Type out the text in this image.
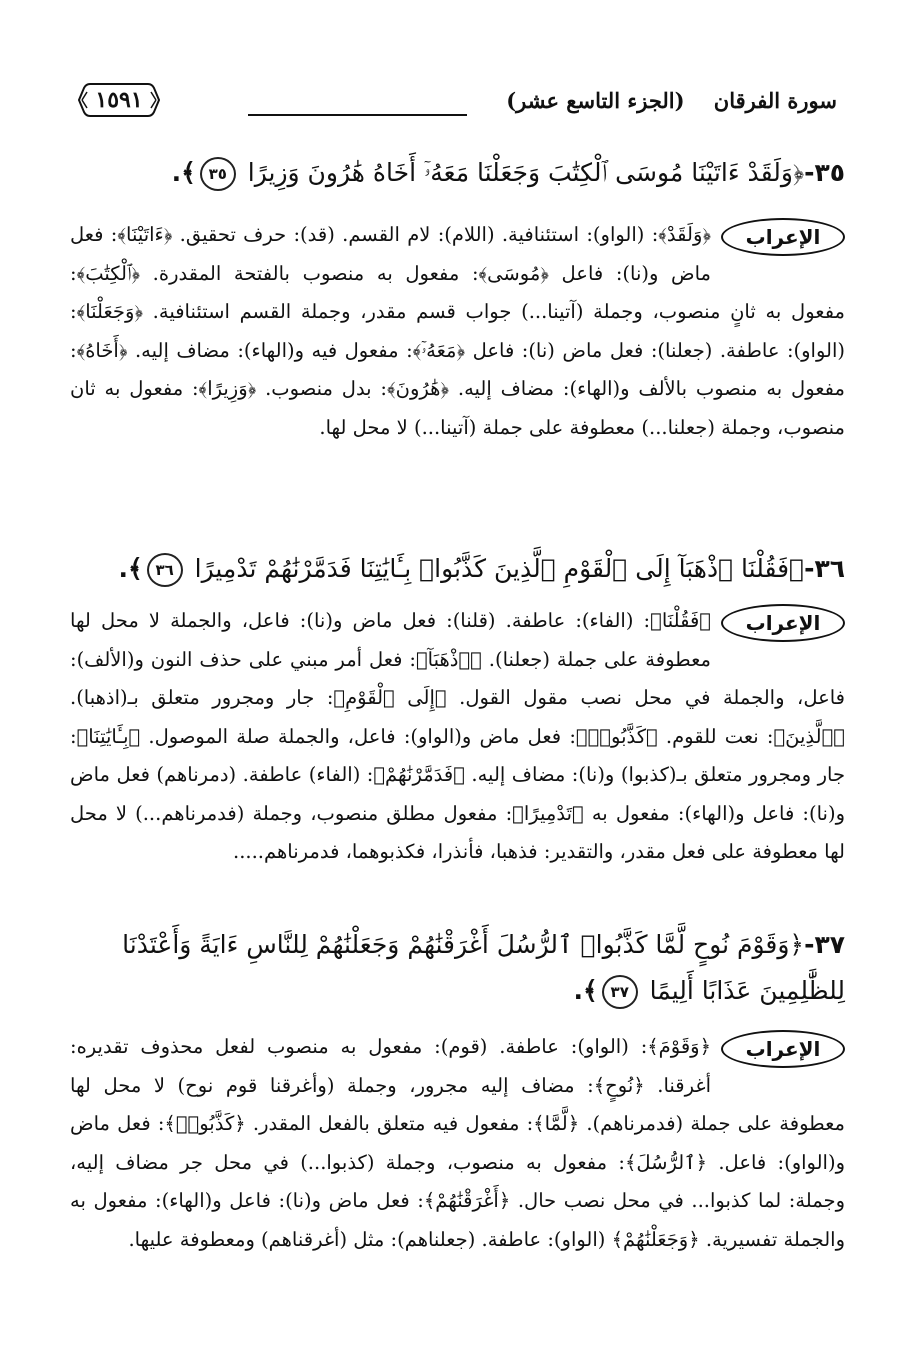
سورة الفرقان    (الجزء التاسع عشر)
١٥٩١
٣٥-﴿وَلَقَدْ ءَاتَيْنَا مُوسَى ٱلْكِتَٰبَ وَجَعَلْنَا مَعَهُۥٓ أَخَاهُ هَٰرُونَ وَزِيرًا ٣٥﴾.
الإعراب
﴿وَلَقَدْ﴾: (الواو): استئنافية. (اللام): لام القسم. (قد): حرف تحقيق. ﴿ءَاتَيْنَا﴾: فعل ماض و(نا): فاعل ﴿مُوسَى﴾: مفعول به منصوب بالفتحة المقدرة. ﴿ٱلْكِتَٰبَ﴾: مفعول به ثانٍ منصوب، وجملة (آتينا...) جواب قسم مقدر، وجملة القسم استئنافية. ﴿وَجَعَلْنَا﴾: (الواو): عاطفة. (جعلنا): فعل ماض (نا): فاعل ﴿مَعَهُۥٓ﴾: مفعول فيه و(الهاء): مضاف إليه. ﴿أَخَاهُ﴾: مفعول به منصوب بالألف و(الهاء): مضاف إليه. ﴿هَٰرُونَ﴾: بدل منصوب. ﴿وَزِيرًا﴾: مفعول به ثان منصوب، وجملة (جعلنا...) معطوفة على جملة (آتينا...) لا محل لها.
٣٦-﴿فَقُلْنَا ٱذْهَبَآ إِلَى ٱلْقَوْمِ ٱلَّذِينَ كَذَّبُوا۟ بِـَٔايَٰتِنَا فَدَمَّرْنَٰهُمْ تَدْمِيرًا ٣٦﴾.
الإعراب
﴿فَقُلْنَا﴾: (الفاء): عاطفة. (قلنا): فعل ماض و(نا): فاعل، والجملة لا محل لها معطوفة على جملة (جعلنا). ﴿ٱذْهَبَآ﴾: فعل أمر مبني على حذف النون و(الألف): فاعل، والجملة في محل نصب مقول القول. ﴿إِلَى ٱلْقَوْمِ﴾: جار ومجرور متعلق بـ(اذهبا). ﴿ٱلَّذِينَ﴾: نعت للقوم. ﴿كَذَّبُوا۟﴾: فعل ماض و(الواو): فاعل، والجملة صلة الموصول. ﴿بِـَٔايَٰتِنَا﴾: جار ومجرور متعلق بـ(كذبوا) و(نا): مضاف إليه. ﴿فَدَمَّرْنَٰهُمْ﴾: (الفاء) عاطفة. (دمرناهم) فعل ماض و(نا): فاعل و(الهاء): مفعول به ﴿تَدْمِيرًا﴾: مفعول مطلق منصوب، وجملة (فدمرناهم...) لا محل لها معطوفة على فعل مقدر، والتقدير: فذهبا، فأنذرا، فكذبوهما، فدمرناهم.....
٣٧-﴿وَقَوْمَ نُوحٍ لَّمَّا كَذَّبُوا۟ ٱلرُّسُلَ أَغْرَقْنَٰهُمْ وَجَعَلْنَٰهُمْ لِلنَّاسِ ءَايَةً وَأَعْتَدْنَا لِلظَّٰلِمِينَ عَذَابًا أَلِيمًا ٣٧﴾.
الإعراب
﴿وَقَوْمَ﴾: (الواو): عاطفة. (قوم): مفعول به منصوب لفعل محذوف تقديره: أغرقنا. ﴿نُوحٍ﴾: مضاف إليه مجرور، وجملة (وأغرقنا قوم نوح) لا محل لها معطوفة على جملة (فدمرناهم). ﴿لَّمَّا﴾: مفعول فيه متعلق بالفعل المقدر. ﴿كَذَّبُوا۟﴾: فعل ماض و(الواو): فاعل. ﴿ٱلرُّسُلَ﴾: مفعول به منصوب، وجملة (كذبوا...) في محل جر مضاف إليه، وجملة: لما كذبوا... في محل نصب حال. ﴿أَغْرَقْنَٰهُمْ﴾: فعل ماض و(نا): فاعل و(الهاء): مفعول به والجملة تفسيرية. ﴿وَجَعَلْنَٰهُمْ﴾ (الواو): عاطفة. (جعلناهم): مثل (أغرقناهم) ومعطوفة عليها.
